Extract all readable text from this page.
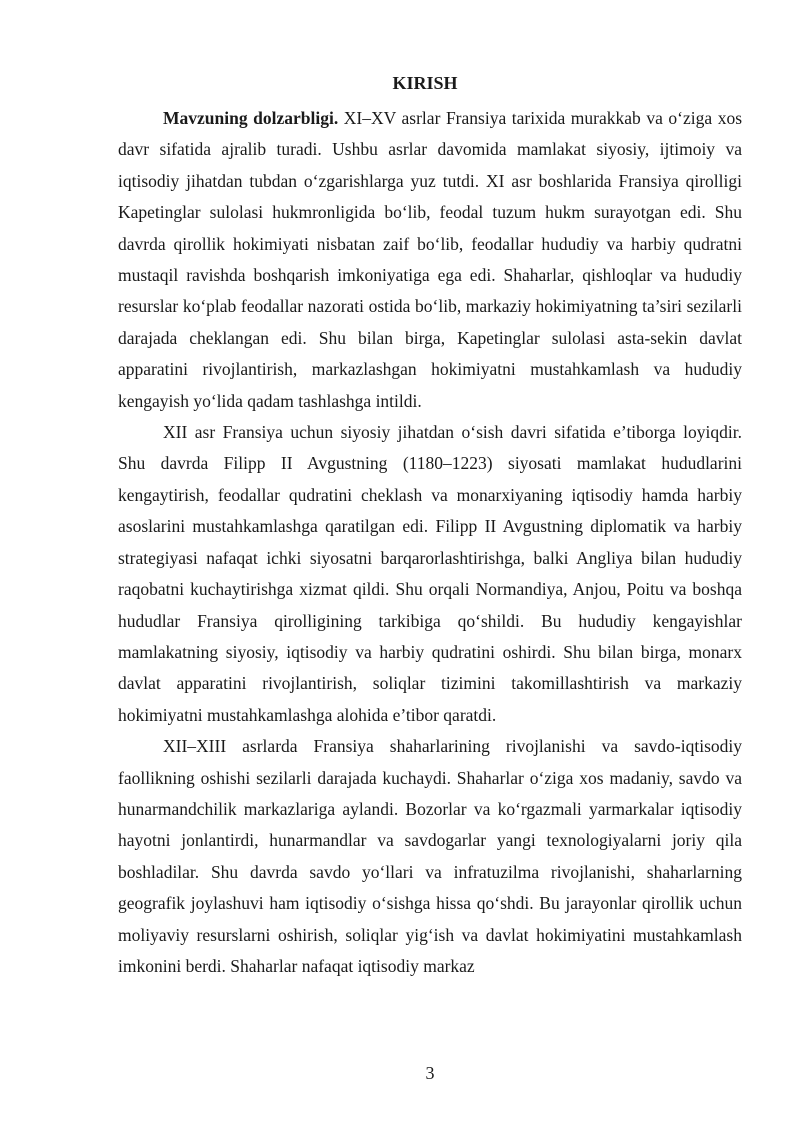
KIRISH

Mavzuning dolzarbligi. XI–XV asrlar Fransiya tarixida murakkab va o‘ziga xos davr sifatida ajralib turadi. Ushbu asrlar davomida mamlakat siyosiy, ijtimoiy va iqtisodiy jihatdan tubdan o‘zgarishlarga yuz tutdi. XI asr boshlarida Fransiya qirolligi Kapetinglar sulolasi hukmronligida bo‘lib, feodal tuzum hukm surayotgan edi. Shu davrda qirollik hokimiyati nisbatan zaif bo‘lib, feodallar hududiy va harbiy qudratni mustaqil ravishda boshqarish imkoniyatiga ega edi. Shaharlar, qishloqlar va hududiy resurslar ko‘plab feodallar nazorati ostida bo‘lib, markaziy hokimiyatning ta’siri sezilarli darajada cheklangan edi. Shu bilan birga, Kapetinglar sulolasi asta-sekin davlat apparatini rivojlantirish, markazlashgan hokimiyatni mustahkamlash va hududiy kengayish yo‘lida qadam tashlashga intildi.

XII asr Fransiya uchun siyosiy jihatdan o‘sish davri sifatida e’tiborga loyiqdir. Shu davrda Filipp II Avgustning (1180–1223) siyosati mamlakat hududlarini kengaytirish, feodallar qudratini cheklash va monarxiyaning iqtisodiy hamda harbiy asoslarini mustahkamlashga qaratilgan edi. Filipp II Avgustning diplomatik va harbiy strategiyasi nafaqat ichki siyosatni barqarorlashtirishga, balki Angliya bilan hududiy raqobatni kuchaytirishga xizmat qildi. Shu orqali Normandiya, Anjou, Poitu va boshqa hududlar Fransiya qirolligining tarkibiga qo‘shildi. Bu hududiy kengayishlar mamlakatning siyosiy, iqtisodiy va harbiy qudratini oshirdi. Shu bilan birga, monarx davlat apparatini rivojlantirish, soliqlar tizimini takomillashtirish va markaziy hokimiyatni mustahkamlashga alohida e’tibor qaratdi.

XII–XIII asrlarda Fransiya shaharlarining rivojlanishi va savdo-iqtisodiy faollikning oshishi sezilarli darajada kuchaydi. Shaharlar o‘ziga xos madaniy, savdo va hunarmandchilik markazlariga aylandi. Bozorlar va ko‘rgazmali yarmarkalar iqtisodiy hayotni jonlantirdi, hunarmandlar va savdogarlar yangi texnologiyalarni joriy qila boshladilar. Shu davrda savdo yo‘llari va infratuzilma rivojlanishi, shaharlarning geografik joylashuvi ham iqtisodiy o‘sishga hissa qo‘shdi. Bu jarayonlar qirollik uchun moliyaviy resurslarni oshirish, soliqlar yig‘ish va davlat hokimiyatini mustahkamlash imkonini berdi. Shaharlar nafaqat iqtisodiy markaz

3
